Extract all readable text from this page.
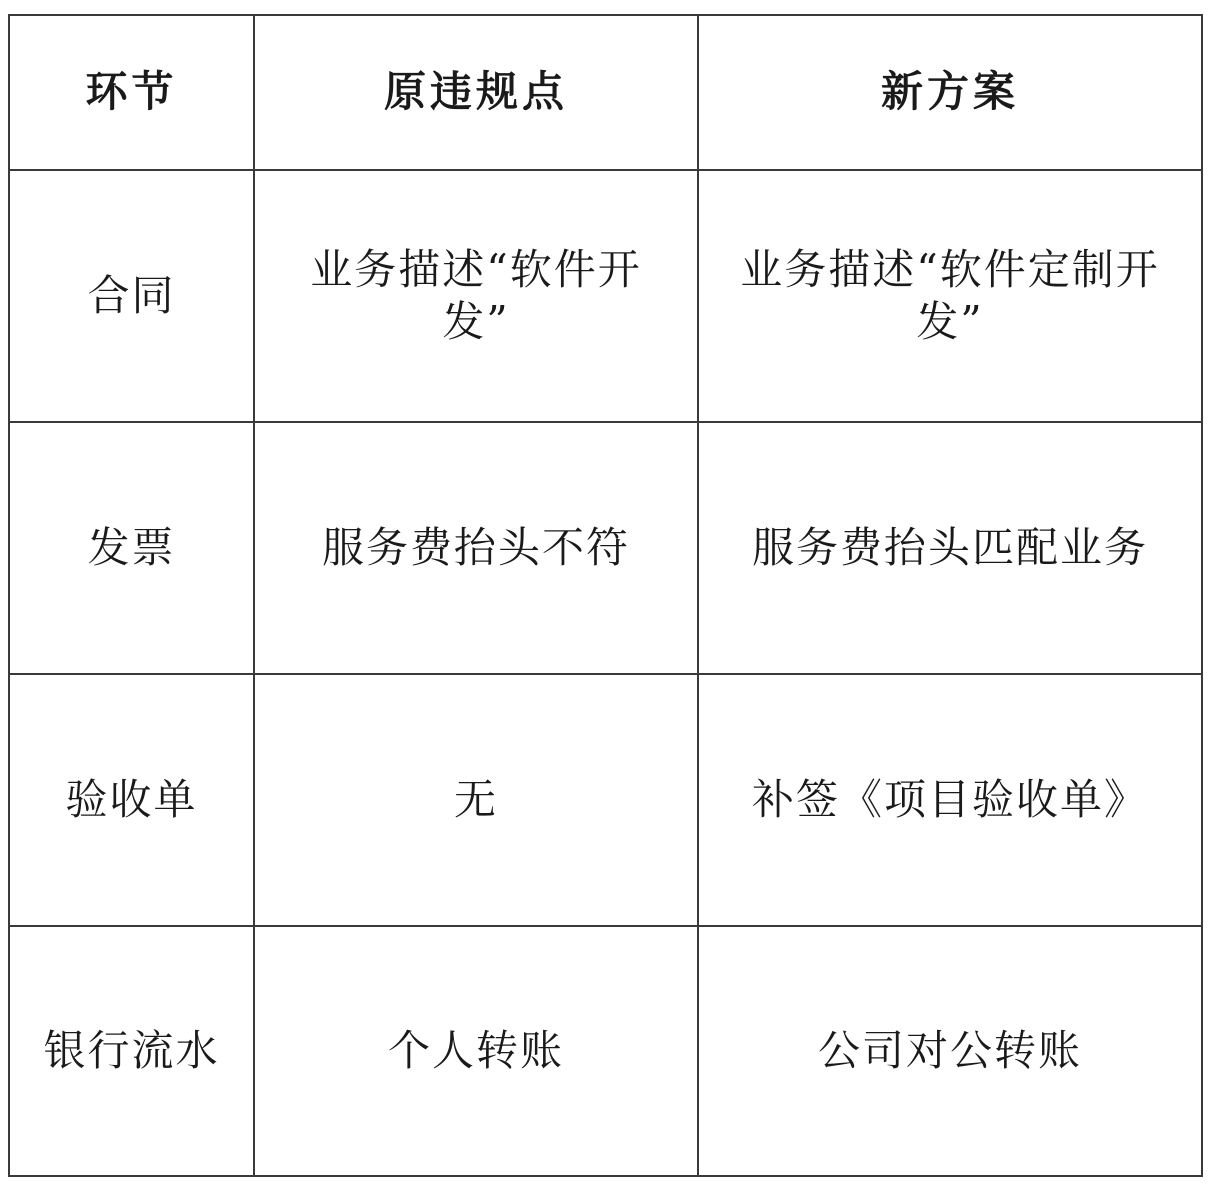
环节	原违规点	新方案
合同	业务描述“软件开发”	业务描述“软件定制开发”
发票	服务费抬头不符	服务费抬头匹配业务
验收单	无	补签《项目验收单》
银行流水	个人转账	公司对公转账
